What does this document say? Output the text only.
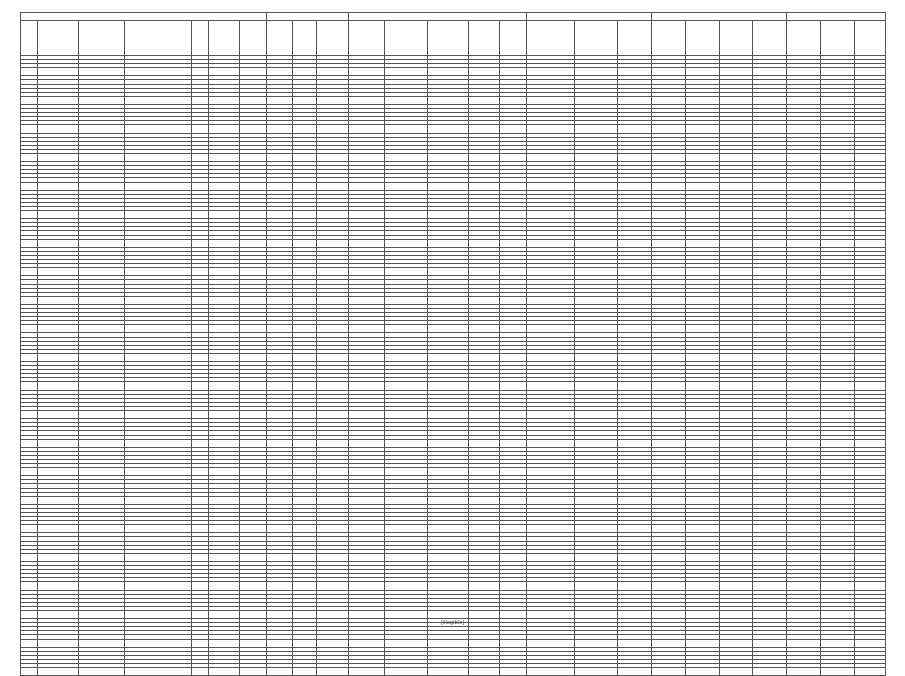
[illegible]
